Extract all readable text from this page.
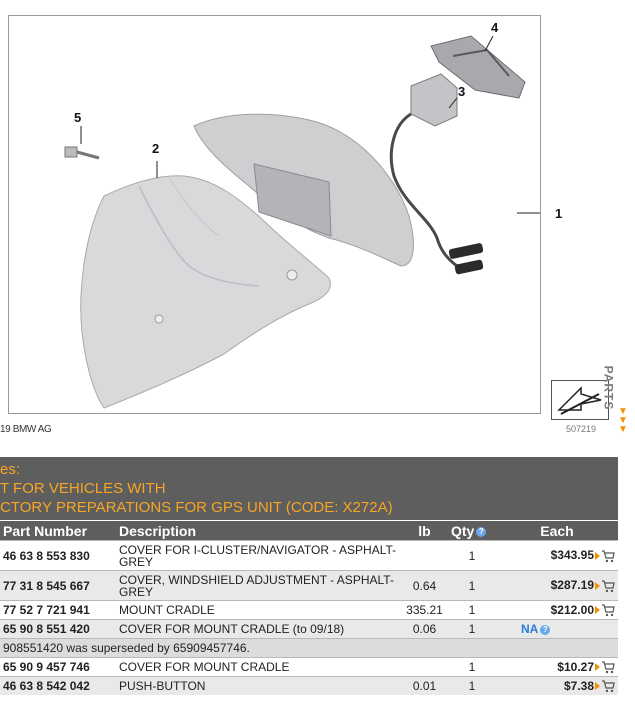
5
2
3
4
1
19 BMW AG	507219
PARTS
▼
▼
▼
es:
T FOR VEHICLES WITH
CTORY PREPARATIONS FOR GPS UNIT (CODE: X272A)
Part Number	Description	lb	Qty ?	Each
46 63 8 553 830	COVER FOR I-CLUSTER/NAVIGATOR - ASPHALT-GREY		1	$343.95
77 31 8 545 667	COVER, WINDSHIELD ADJUSTMENT - ASPHALT-GREY	0.64	1	$287.19
77 52 7 721 941	MOUNT CRADLE	335.21	1	$212.00
65 90 8 551 420	COVER FOR MOUNT CRADLE (to 09/18)	0.06	1	NA ?
908551420 was superseded by 65909457746.				
65 90 9 457 746	COVER FOR MOUNT CRADLE		1	$10.27
46 63 8 542 042	PUSH-BUTTON	0.01	1	$7.38
